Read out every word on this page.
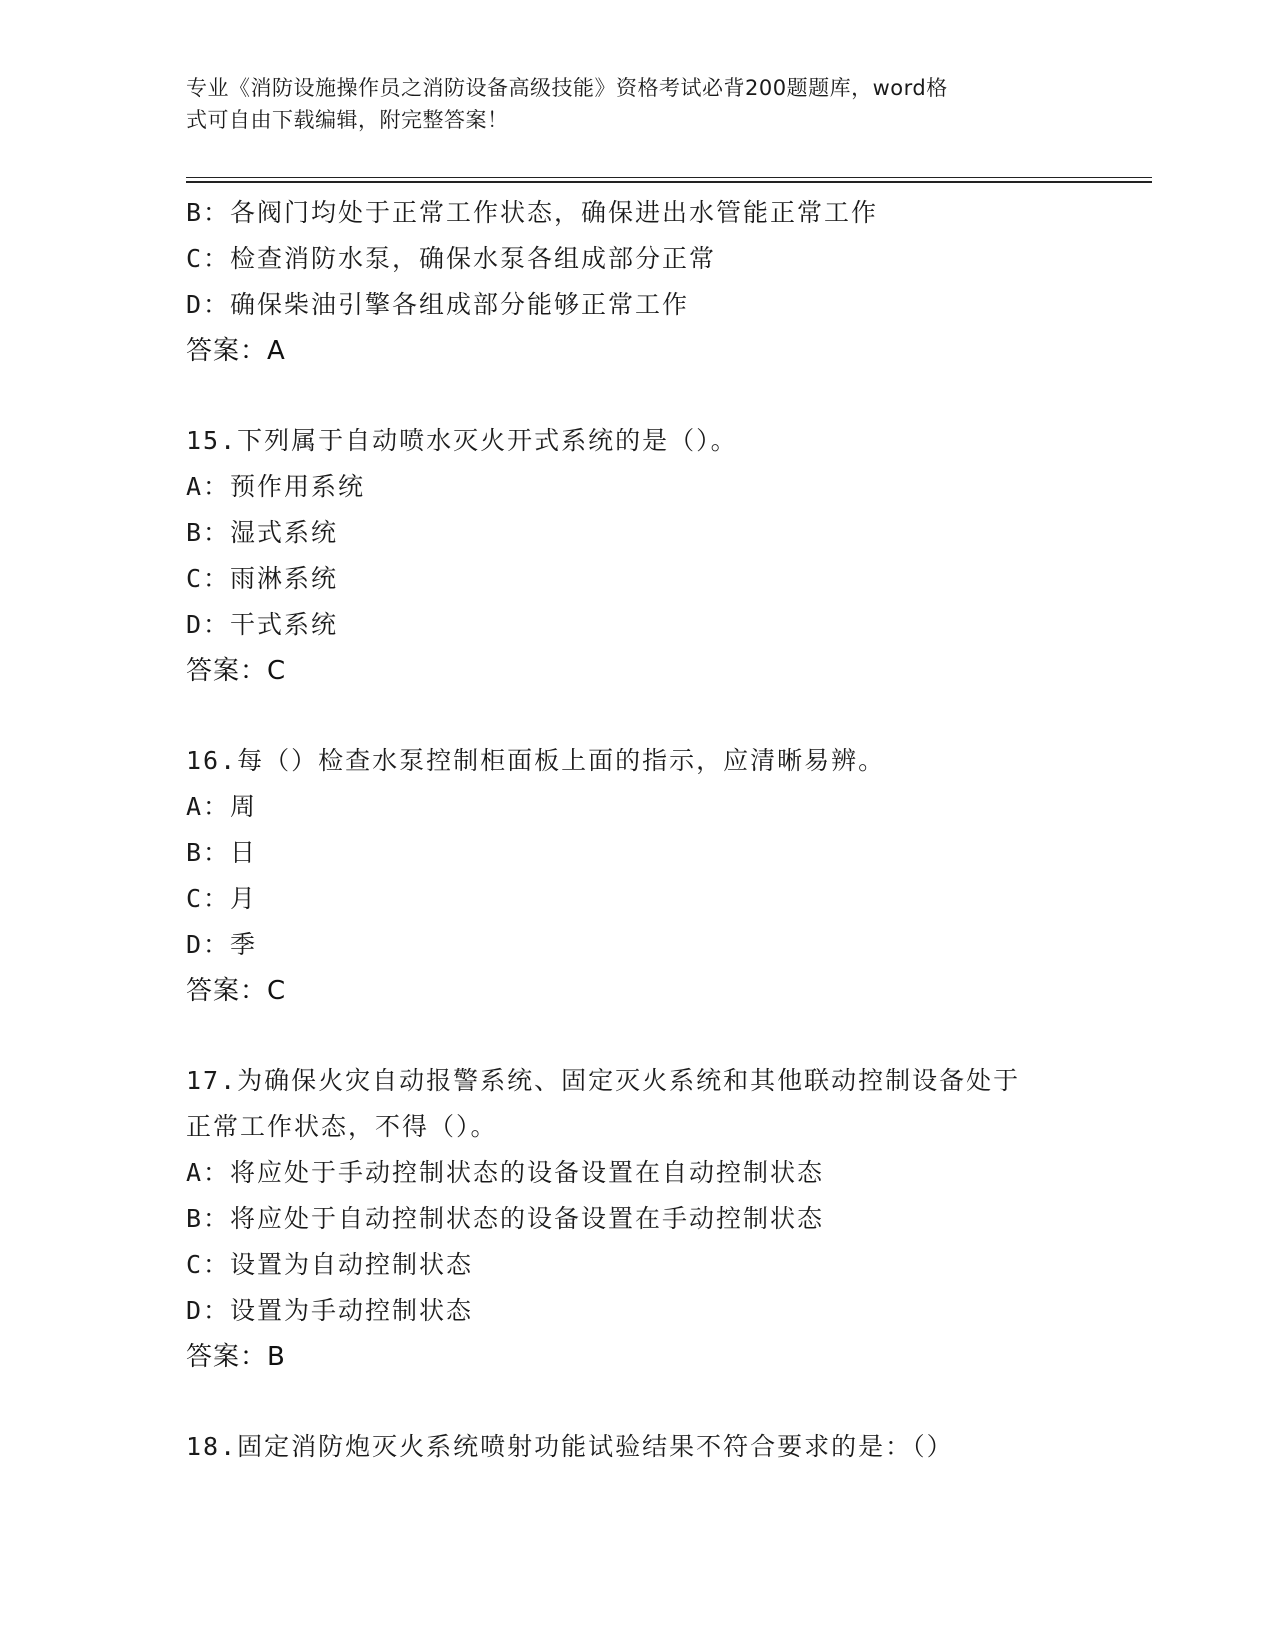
专业《消防设施操作员之消防设备高级技能》资格考试必背200题题库，word格
式可自由下载编辑，附完整答案！
B：各阀门均处于正常工作状态，确保进出水管能正常工作
C：检查消防水泵，确保水泵各组成部分正常
D：确保柴油引擎各组成部分能够正常工作
答案：A
15.下列属于自动喷水灭火开式系统的是（）。
A：预作用系统
B：湿式系统
C：雨淋系统
D：干式系统
答案：C
16.每（）检查水泵控制柜面板上面的指示，应清晰易辨。
A：周
B：日
C：月
D：季
答案：C
17.为确保火灾自动报警系统、固定灭火系统和其他联动控制设备处于
正常工作状态，不得（）。
A：将应处于手动控制状态的设备设置在自动控制状态
B：将应处于自动控制状态的设备设置在手动控制状态
C：设置为自动控制状态
D：设置为手动控制状态
答案：B
18.固定消防炮灭火系统喷射功能试验结果不符合要求的是：（）
